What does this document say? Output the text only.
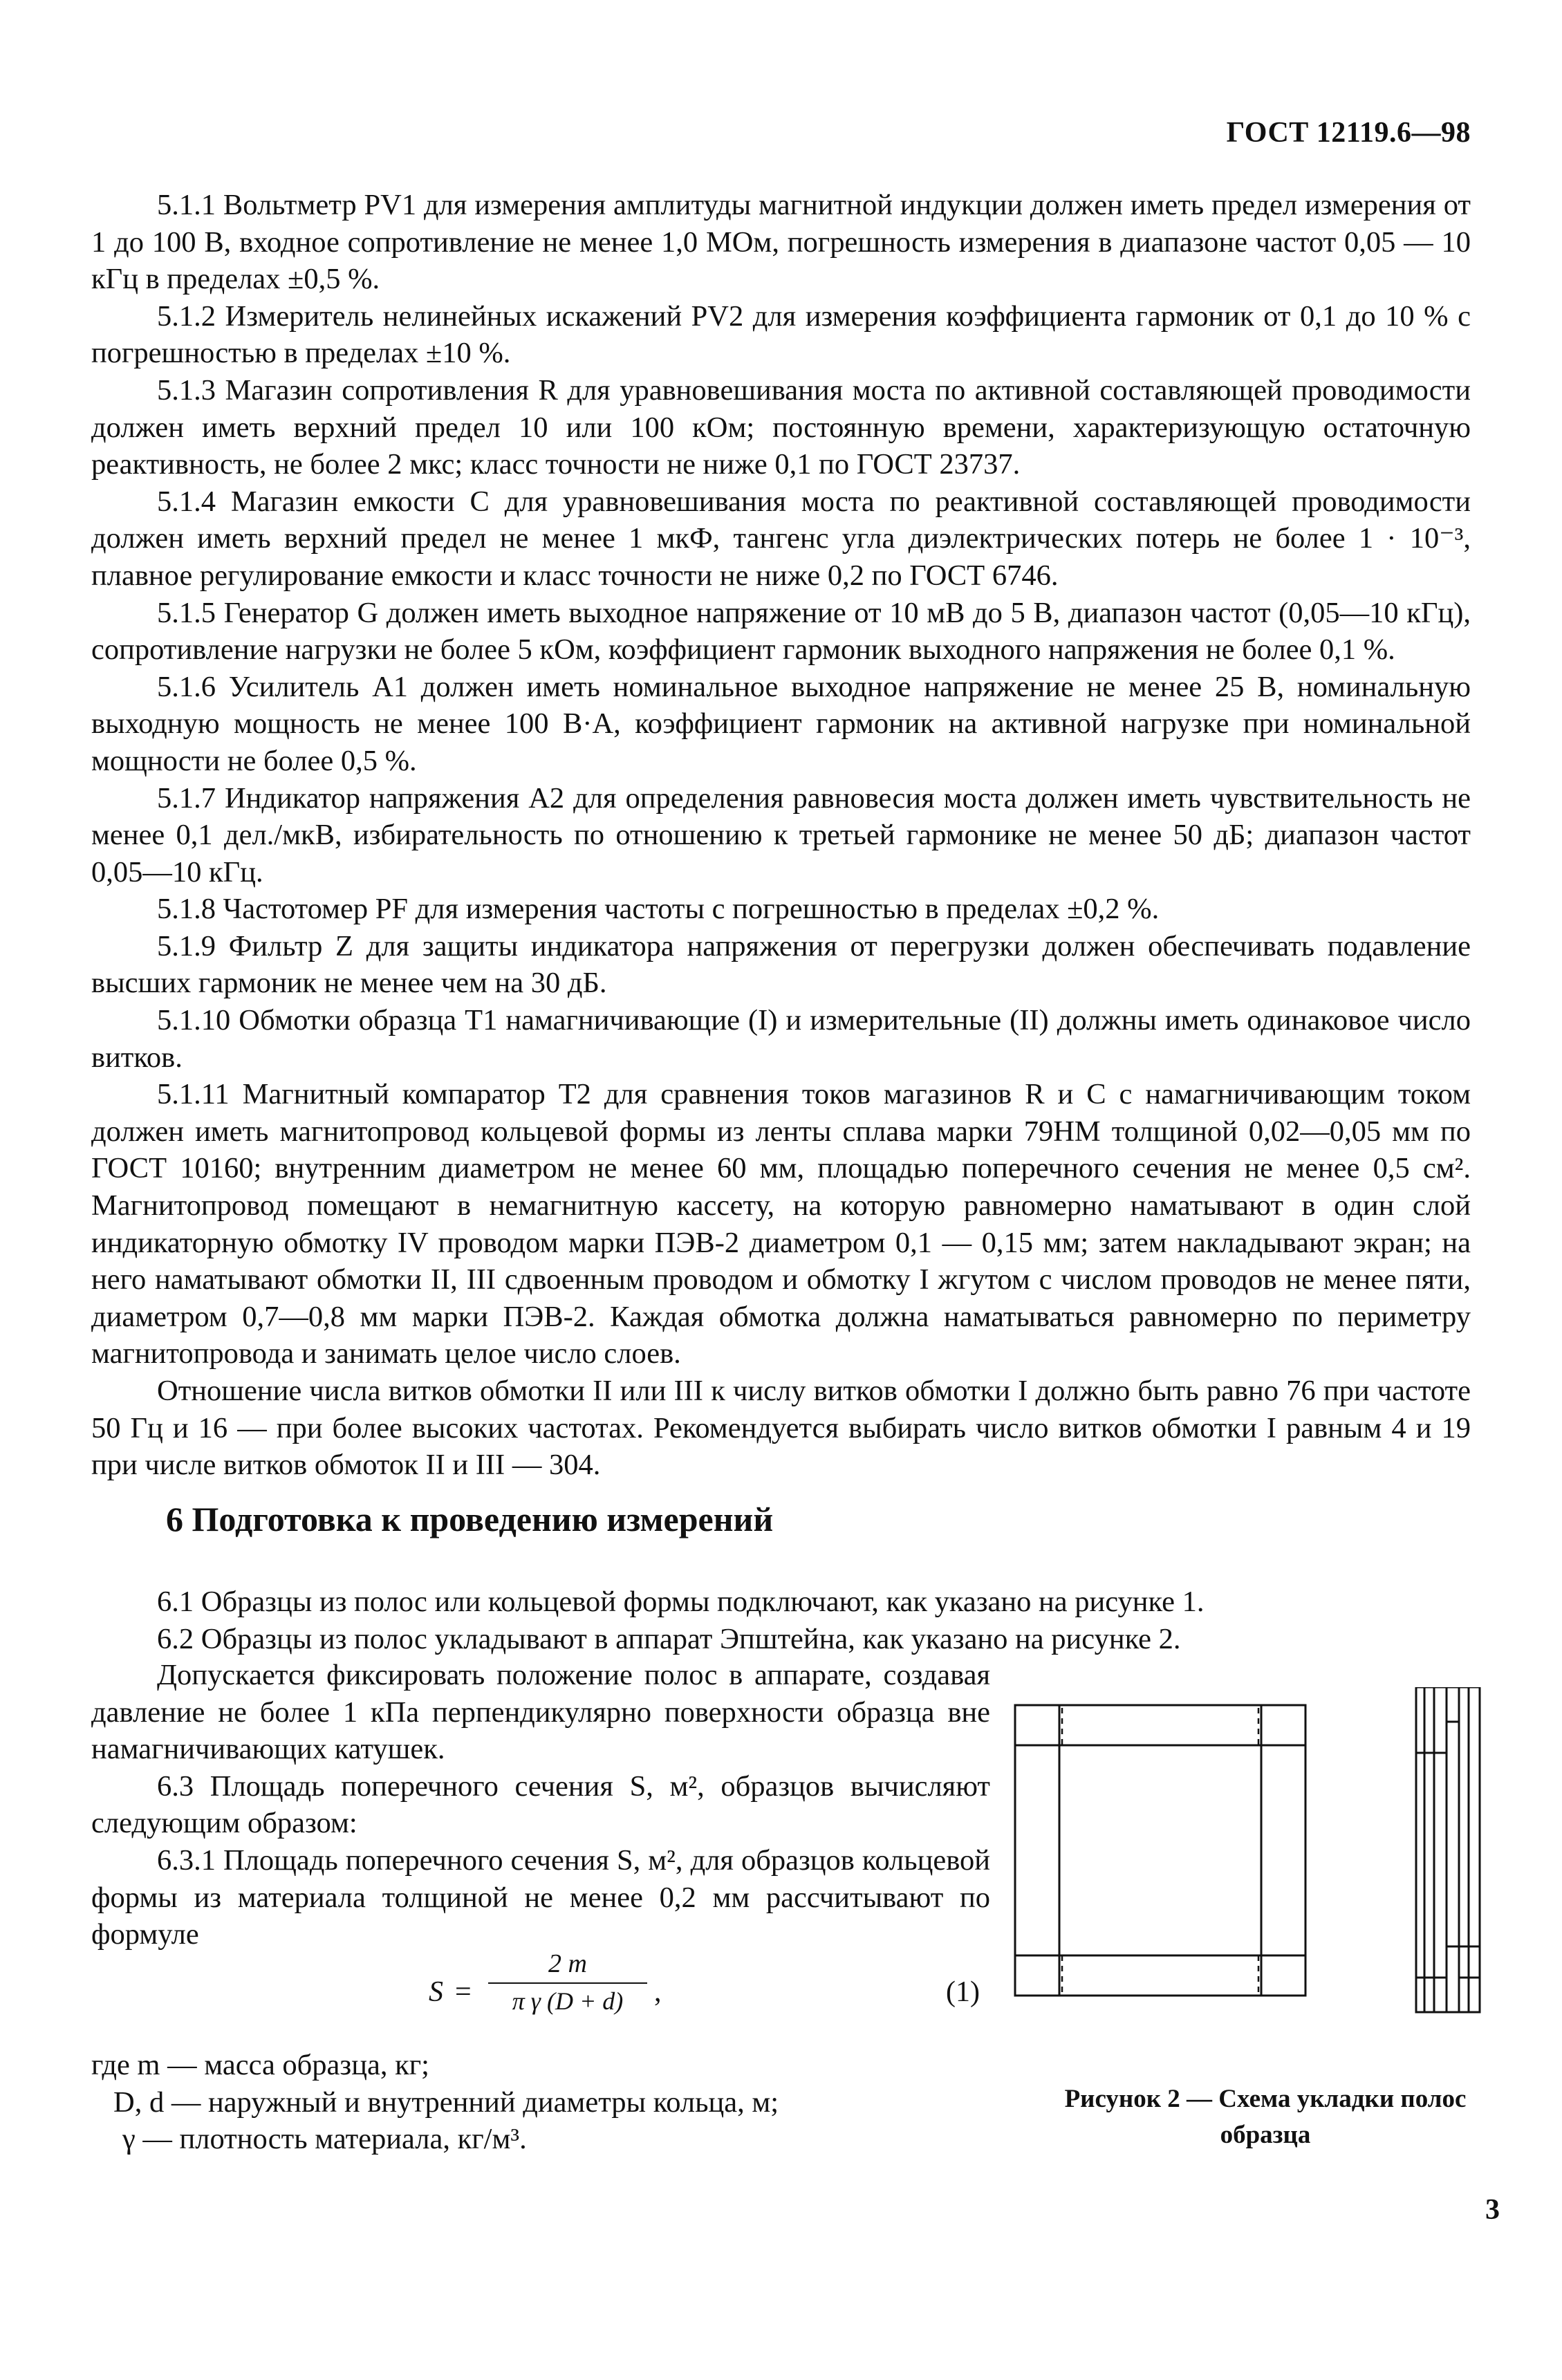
ГОСТ 12119.6—98

5.1.1 Вольтметр PV1 для измерения амплитуды магнитной индукции должен иметь предел измерения от 1 до 100 В, входное сопротивление не менее 1,0 МОм, погрешность измерения в диапазоне частот 0,05 — 10 кГц в пределах ±0,5 %.

5.1.2 Измеритель нелинейных искажений PV2 для измерения коэффициента гармоник от 0,1 до 10 % с погрешностью в пределах ±10 %.

5.1.3 Магазин сопротивления R для уравновешивания моста по активной составляющей проводимости должен иметь верхний предел 10 или 100 кОм; постоянную времени, характеризующую остаточную реактивность, не более 2 мкс; класс точности не ниже 0,1 по ГОСТ 23737.

5.1.4 Магазин емкости С для уравновешивания моста по реактивной составляющей проводимости должен иметь верхний предел не менее 1 мкФ, тангенс угла диэлектрических потерь не более 1 · 10⁻³, плавное регулирование емкости и класс точности не ниже 0,2 по ГОСТ 6746.

5.1.5 Генератор G должен иметь выходное напряжение от 10 мВ до 5 В, диапазон частот (0,05—10 кГц), сопротивление нагрузки не более 5 кОм, коэффициент гармоник выходного напряжения не более 0,1 %.

5.1.6 Усилитель А1 должен иметь номинальное выходное напряжение не менее 25 В, номинальную выходную мощность не менее 100 В·А, коэффициент гармоник на активной нагрузке при номинальной мощности не более 0,5 %.

5.1.7 Индикатор напряжения А2 для определения равновесия моста должен иметь чувствительность не менее 0,1 дел./мкВ, избирательность по отношению к третьей гармонике не менее 50 дБ; диапазон частот 0,05—10 кГц.

5.1.8 Частотомер PF для измерения частоты с погрешностью в пределах ±0,2 %.

5.1.9 Фильтр Z для защиты индикатора напряжения от перегрузки должен обеспечивать подавление высших гармоник не менее чем на 30 дБ.

5.1.10 Обмотки образца Т1 намагничивающие (I) и измерительные (II) должны иметь одинаковое число витков.

5.1.11 Магнитный компаратор Т2 для сравнения токов магазинов R и С с намагничивающим током должен иметь магнитопровод кольцевой формы из ленты сплава марки 79НМ толщиной 0,02—0,05 мм по ГОСТ 10160; внутренним диаметром не менее 60 мм, площадью поперечного сечения не менее 0,5 см². Магнитопровод помещают в немагнитную кассету, на которую равномерно наматывают в один слой индикаторную обмотку IV проводом марки ПЭВ-2 диаметром 0,1 — 0,15 мм; затем накладывают экран; на него наматывают обмотки II, III сдвоенным проводом и обмотку I жгутом с числом проводов не менее пяти, диаметром 0,7—0,8 мм марки ПЭВ-2. Каждая обмотка должна наматываться равномерно по периметру магнитопровода и занимать целое число слоев.

Отношение числа витков обмотки II или III к числу витков обмотки I должно быть равно 76 при частоте 50 Гц и 16 — при более высоких частотах. Рекомендуется выбирать число витков обмотки I равным 4 и 19 при числе витков обмоток II и III — 304.

6 Подготовка к проведению измерений

6.1 Образцы из полос или кольцевой формы подключают, как указано на рисунке 1.

6.2 Образцы из полос укладывают в аппарат Эпштейна, как указано на рисунке 2.

Допускается фиксировать положение полос в аппарате, создавая давление не более 1 кПа перпендикулярно поверхности образца вне намагничивающих катушек.

6.3 Площадь поперечного сечения S, м², образцов вычисляют следующим образом:

6.3.1 Площадь поперечного сечения S, м², для образцов кольцевой формы из материала толщиной не менее 0,2 мм рассчитывают по формуле

S =
2 m
π γ (D + d)	,	(1)
где m — масса образца, кг;
D, d — наружный и внутренний диаметры кольца, м;
γ — плотность материала, кг/м³.
Рисунок 2 — Схема укладки полос образца
3
